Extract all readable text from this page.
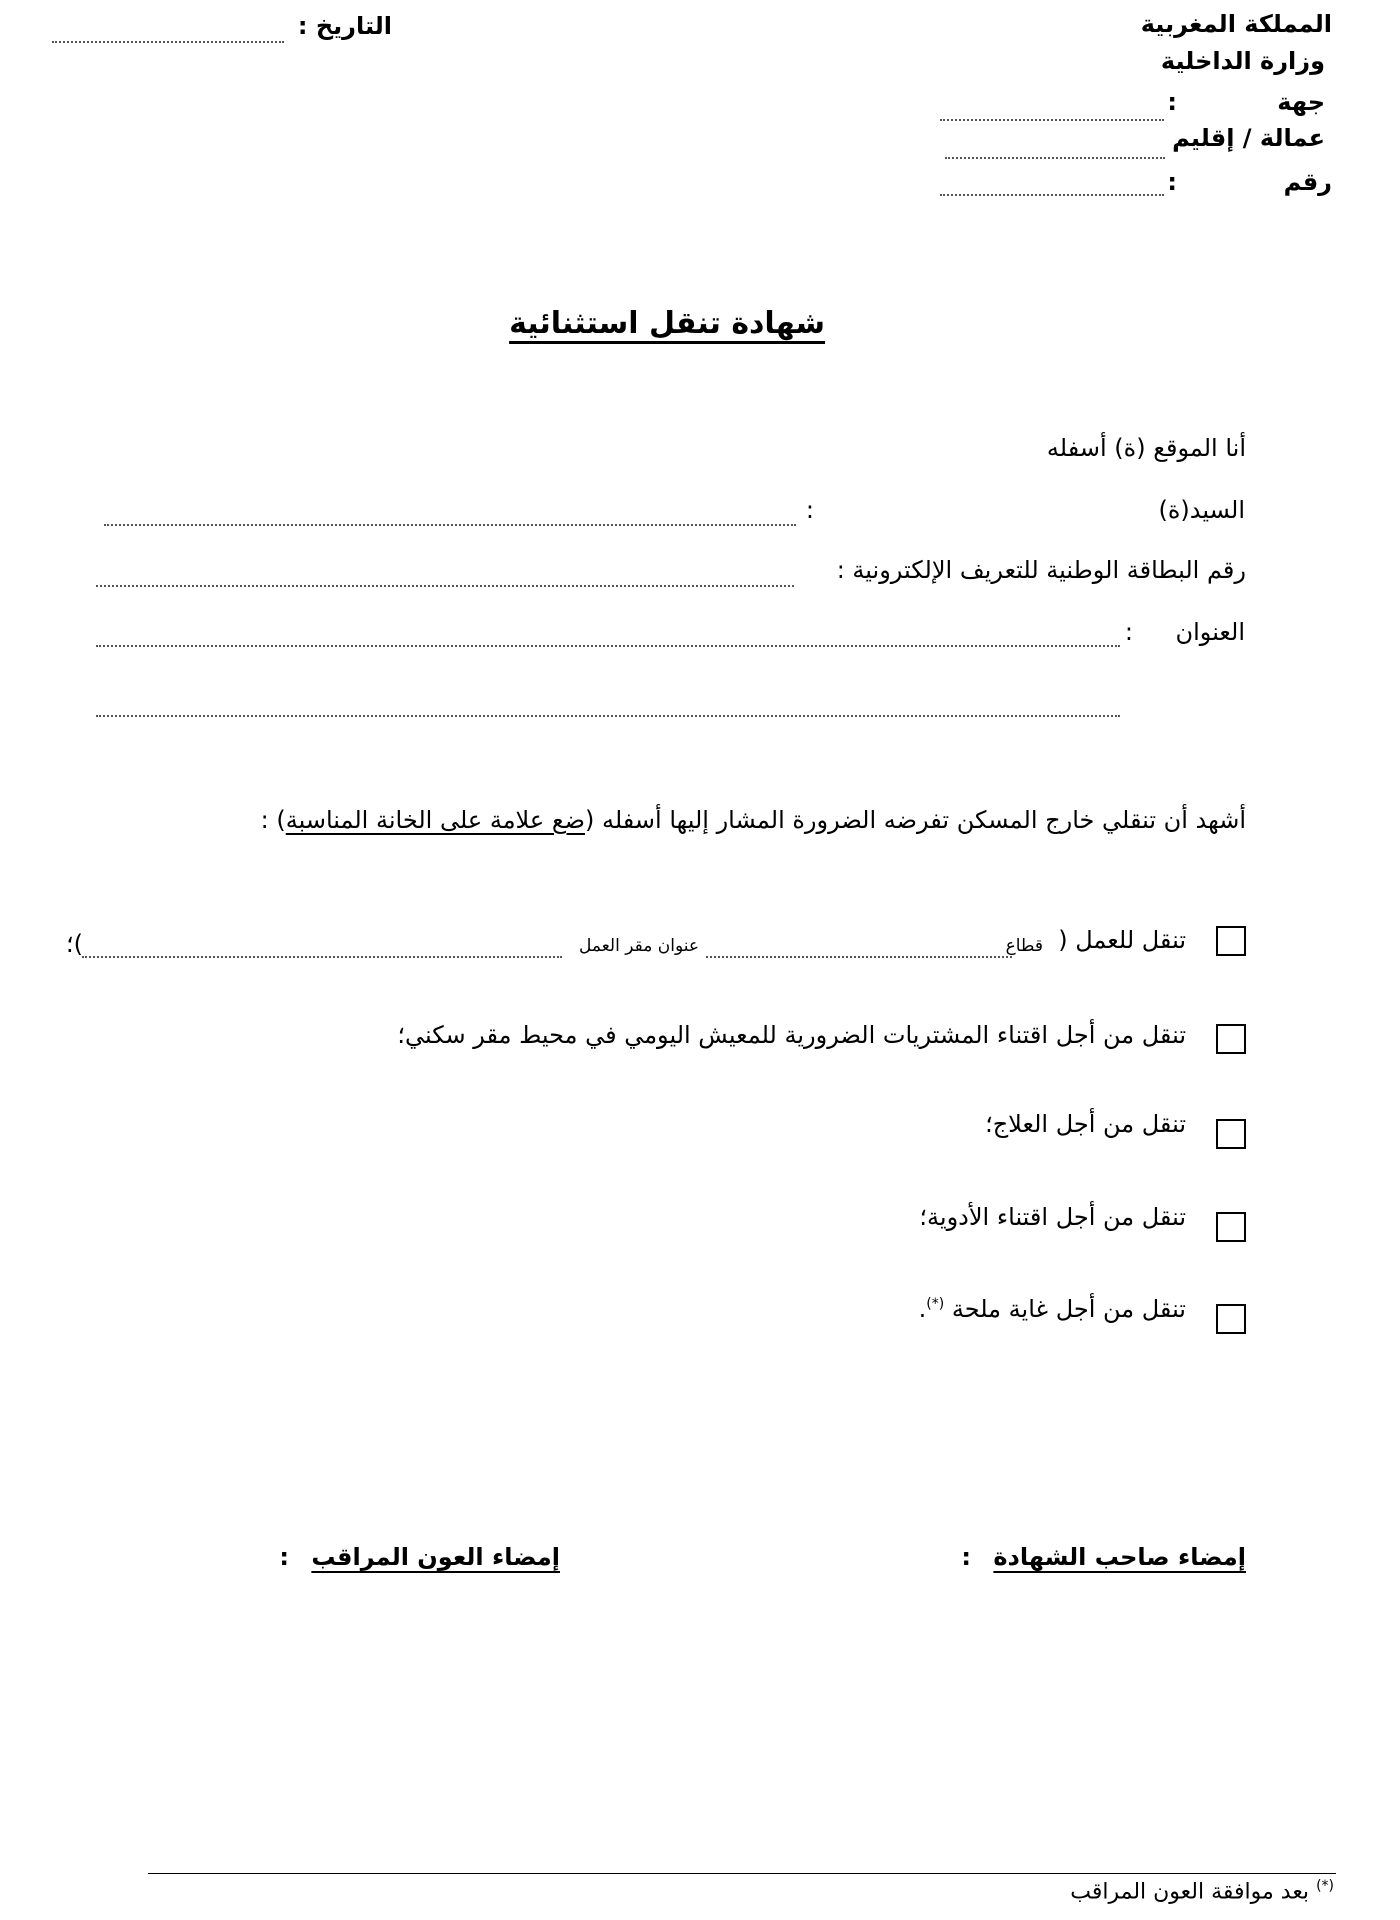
المملكة المغربية
وزارة الداخلية
جهة
:
عمالة / إقليم
رقم
:
التاريخ :
شهادة تنقل استثنائية
أنا الموقع (ة) أسفله
السيد(ة)
:
رقم البطاقة الوطنية للتعريف الإلكترونية :
العنوان
:
أشهد أن تنقلي خارج المسكن تفرضه الضرورة المشار إليها أسفله (ضع علامة على الخانة المناسبة) :
تنقل للعمل (
قطاع
عنوان مقر العمل
)؛
تنقل من أجل اقتناء المشتريات الضرورية للمعيش اليومي في محيط مقر سكني؛
تنقل من أجل العلاج؛
تنقل من أجل اقتناء الأدوية؛
تنقل من أجل غاية ملحة (*).
إمضاء صاحب الشهادة :
إمضاء العون المراقب :
(*) بعد موافقة العون المراقب
